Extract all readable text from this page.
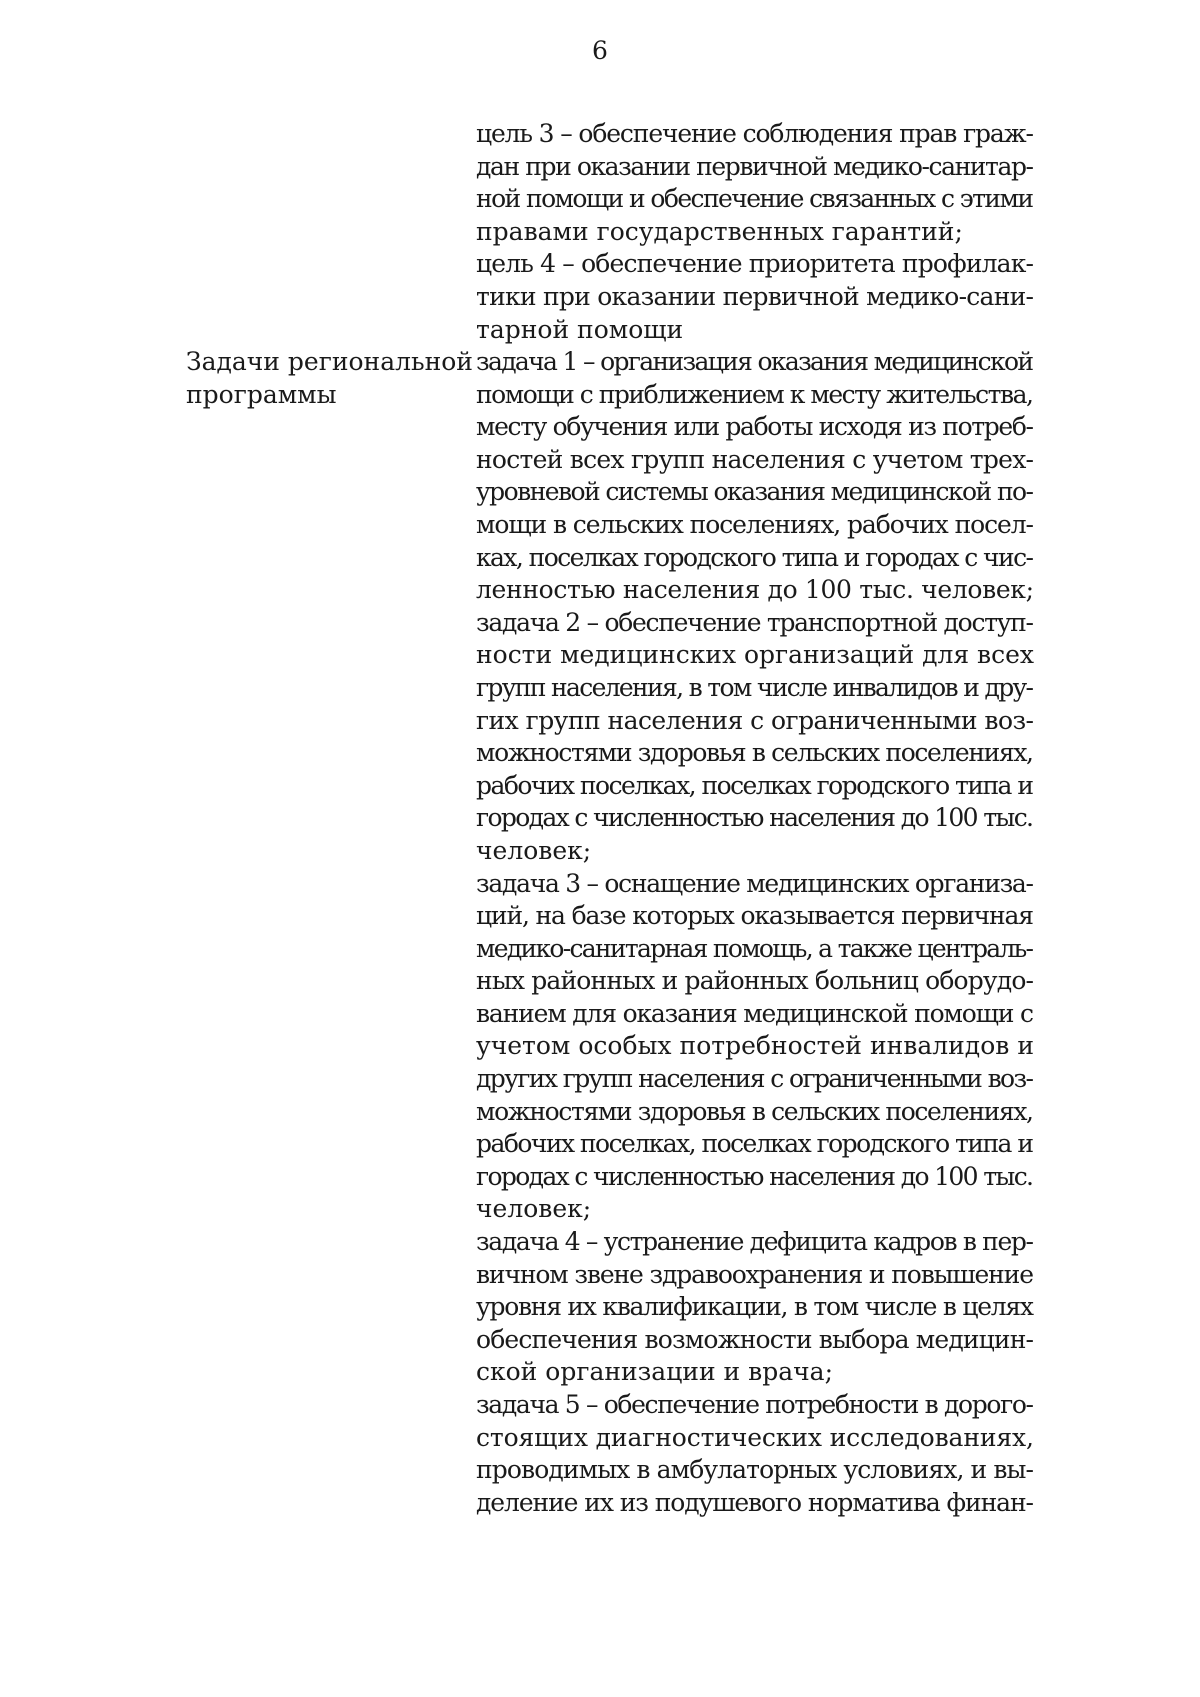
6

цель 3 – обеспечение соблюдения прав граж-
дан при оказании первичной медико-санитар-
ной помощи и обеспечение связанных с этими
правами государственных гарантий;

цель 4 – обеспечение приоритета профилак-
тики при оказании первичной медико-сани-
тарной помощи

Задачи региональной
программы

задача 1 – организация оказания медицинской
помощи с приближением к месту жительства,
месту обучения или работы исходя из потреб-
ностей всех групп населения с учетом трех-
уровневой системы оказания медицинской по-
мощи в сельских поселениях, рабочих посел-
ках, поселках городского типа и городах с чис-
ленностью населения до 100 тыс. человек;

задача 2 – обеспечение транспортной доступ-
ности медицинских организаций для всех
групп населения, в том числе инвалидов и дру-
гих групп населения с ограниченными воз-
можностями здоровья в сельских поселениях,
рабочих поселках, поселках городского типа и
городах с численностью населения до 100 тыс.
человек;

задача 3 – оснащение медицинских организа-
ций, на базе которых оказывается первичная
медико-санитарная помощь, а также централь-
ных районных и районных больниц оборудо-
ванием для оказания медицинской помощи с
учетом особых потребностей инвалидов и
других групп населения с ограниченными воз-
можностями здоровья в сельских поселениях,
рабочих поселках, поселках городского типа и
городах с численностью населения до 100 тыс.
человек;

задача 4 – устранение дефицита кадров в пер-
вичном звене здравоохранения и повышение
уровня их квалификации, в том числе в целях
обеспечения возможности выбора медицин-
ской организации и врача;

задача 5 – обеспечение потребности в дорого-
стоящих диагностических исследованиях,
проводимых в амбулаторных условиях, и вы-
деление их из подушевого норматива финан-
